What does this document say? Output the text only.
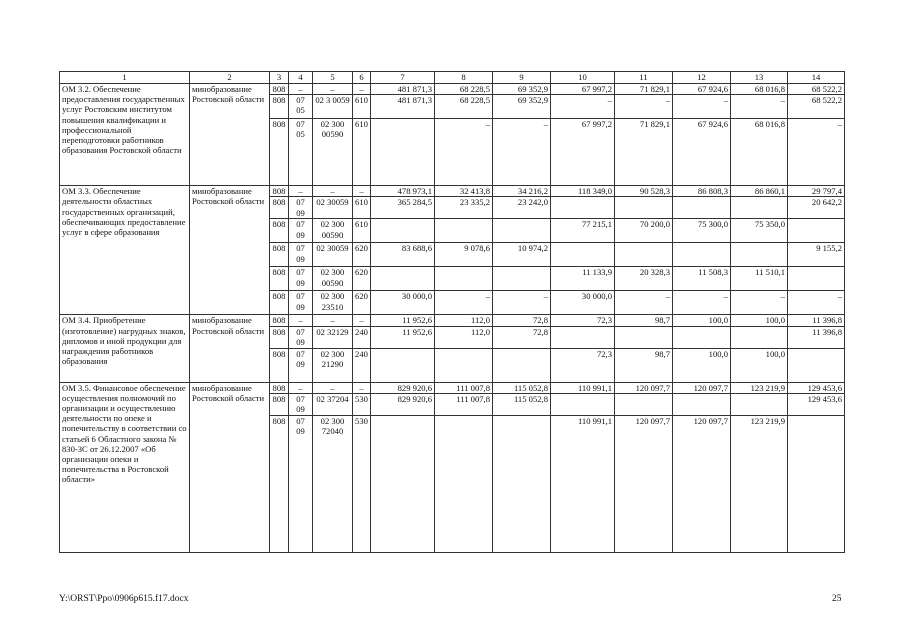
1	2	3	4	5	6	7	8	9	10	11	12	13	14
ОМ 3.2. Обеспечение предоставления государственных услуг Ростовским институтом повышения квалификации и профессиональной переподготовки работников образования Ростовской области	минобразование Ростовской области	808	–	–	–	481 871,3	68 228,5	69 352,9	67 997,2	71 829,1	67 924,6	68 016,8	68 522,2
		808	07 05	02 3 0059	610	481 871,3	68 228,5	69 352,9	–	–	–	–	68 522,2
		808	07 05	02 300 00590	610		–	–	67 997,2	71 829,1	67 924,6	68 016,8	–
ОМ 3.3. Обеспечение деятельности областных государственных организаций, обеспечивающих предоставление услуг в сфере образования	минобразование Ростовской области	808	–	–	–	478 973,1	32 413,8	34 216,2	118 349,0	90 528,3	86 808,3	86 860,1	29 797,4
		808	07 09	02 30059	610	365 284,5	23 335,2	23 242,0					20 642,2
		808	07 09	02 300 00590	610				77 215,1	70 200,0	75 300,0	75 350,0	
		808	07 09	02 30059	620	83 688,6	9 078,6	10 974,2					9 155,2
		808	07 09	02 300 00590	620				11 133,9	20 328,3	11 508,3	11 510,1	
		808	07 09	02 300 23510	620	30 000,0	–	–	30 000,0	–	–	–	–
ОМ 3.4. Приобретение (изготовление) нагрудных знаков, дипломов и иной продукции для награждения работников образования	минобразование Ростовской области	808	–	–	–	11 952,6	112,0	72,8	72,3	98,7	100,0	100,0	11 396,8
		808	07 09	02 32129	240	11 952,6	112,0	72,8					11 396,8
		808	07 09	02 300 21290	240				72,3	98,7	100,0	100,0	
ОМ 3.5. Финансовое обеспечение осуществления полномочий по организации и осуществлению деятельности по опеке и попечительству в соответствии со статьей 6 Областного закона № 830-ЗС от 26.12.2007 «Об организации опеки и попечительства в Ростовской области»	минобразование Ростовской области	808	–	–	–	829 920,6	111 007,8	115 052,8	110 991,1	120 097,7	120 097,7	123 219,9	129 453,6
		808	07 09	02 37204	530	829 920,6	111 007,8	115 052,8					129 453,6
		808	07 09	02 300 72040	530				110 991,1	120 097,7	120 097,7	123 219,9	
Y:\ORST\Ppo\0906p615.f17.docx	25
